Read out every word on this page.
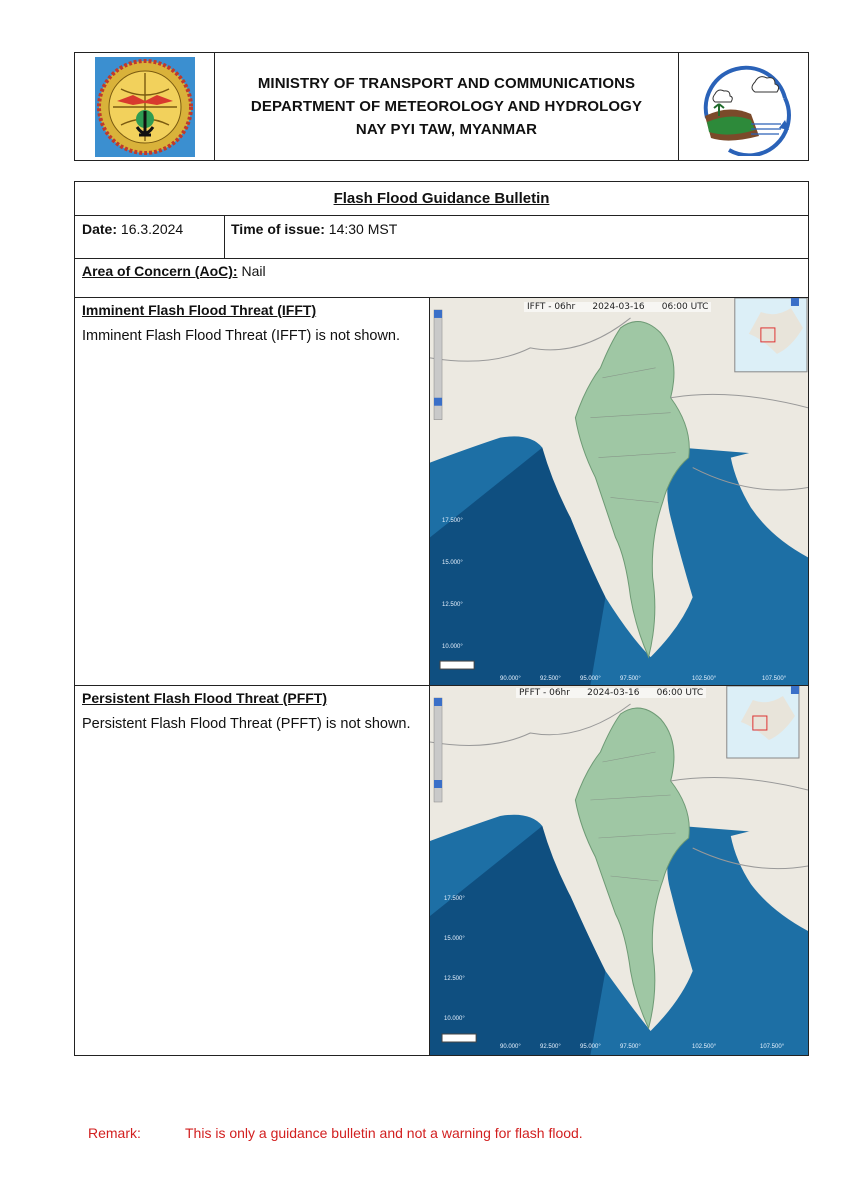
MINISTRY OF TRANSPORT AND COMMUNICATIONS
DEPARTMENT OF METEOROLOGY AND HYDROLOGY
NAY PYI TAW, MYANMAR
Flash Flood Guidance Bulletin
Date: 16.3.2024	Time of issue: 14:30 MST
Area of Concern (AoC): Nail
Imminent Flash Flood Threat (IFFT)
Imminent Flash Flood Threat (IFFT) is not shown.
IFFT - 06hr      2024-03-16      06:00 UTC
17.500°
15.000°
12.500°
10.000°
90.000°	92.500°	95.000°	97.500°	102.500°	107.500°
Persistent Flash Flood Threat (PFFT)
Persistent Flash Flood Threat (PFFT) is not shown.
PFFT - 06hr      2024-03-16      06:00 UTC
17.500°
15.000°
12.500°
10.000°
90.000°	92.500°	95.000°	97.500°	102.500°	107.500°
Remark:	This is only a guidance bulletin and not a warning for flash flood.
